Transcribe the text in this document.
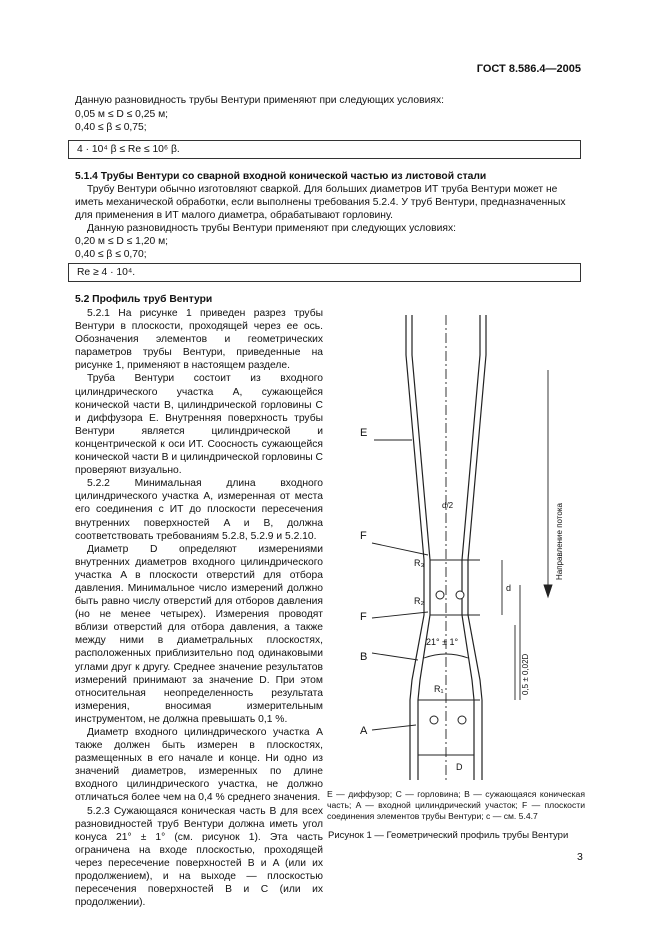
ГОСТ 8.586.4—2005
Данную разновидность трубы Вентури применяют при следующих условиях:
0,05 м ≤ D ≤ 0,25 м;
0,40 ≤ β ≤ 0,75;
4 · 10⁴ β ≤ Re ≤ 10⁶ β.
5.1.4 Трубы Вентури со сварной входной конической частью из листовой стали
Трубу Вентури обычно изготовляют сваркой. Для больших диаметров ИТ труба Вентури может не
иметь механической обработки, если выполнены требования 5.2.4. У труб Вентури, предназначенных
для применения в ИТ малого диаметра, обрабатывают горловину.
Данную разновидность трубы Вентури применяют при следующих условиях:
0,20 м ≤ D ≤ 1,20 м;
0,40 ≤ β ≤ 0,70;
Re ≥ 4 · 10⁴.
5.2 Профиль труб Вентури

5.2.1 На рисунке 1 приведен разрез трубы Вентури в плоскости, проходящей через ее ось. Обозначения элементов и геометрических параметров трубы Вентури, приведенные на рисунке 1, применяют в настоящем разделе.

Труба Вентури состоит из входного цилиндрического участка A, сужающейся конической части B, цилиндрической горловины C и диффузора E. Внутренняя поверхность трубы Вентури является цилиндрической и концентрической к оси ИТ. Соосность сужающейся конической части B и цилиндрической горловины C проверяют визуально.

5.2.2 Минимальная длина входного цилиндрического участка A, измеренная от места его соединения с ИТ до плоскости пересечения внутренних поверхностей A и B, должна соответствовать требованиям 5.2.8, 5.2.9 и 5.2.10.

Диаметр D определяют измерениями внутренних диаметров входного цилиндрического участка A в плоскости отверстий для отбора давления. Минимальное число измерений должно быть равно числу отверстий для отборов давления (но не менее четырех). Измерения проводят вблизи отверстий для отбора давления, а также между ними в диаметральных плоскостях, расположенных приблизительно под одинаковыми углами друг к другу. Среднее значение результатов измерений принимают за значение D. При этом относительная неопределенность результата измерения, вносимая измерительным инструментом, не должна превышать 0,1 %.

Диаметр входного цилиндрического участка A также должен быть измерен в плоскостях, размещенных в его начале и конце. Ни одно из значений диаметров, измеренных по длине входного цилиндрического участка, не должно отличаться более чем на 0,4 % среднего значения.

5.2.3 Сужающаяся коническая часть B для всех разновидностей труб Вентури должна иметь угол конуса 21° ± 1° (см. рисунок 1). Эта часть ограничена на входе плоскостью, проходящей через пересечение поверхностей B и A (или их продолжением), и на выходе — плоскостью пересечения поверхностей B и C (или их продолжении).

E
F
F
B
A
R₁
R₂
R₃
D
d
21° ± 1°
d/2
0,5 ± 0,02D
Направление потока
E — диффузор; C — горловина; B — сужающаяся коническая часть; A — входной цилиндрический участок; F — плоскости соединения элементов трубы Вентури; c — см. 5.4.7
Рисунок 1 — Геометрический профиль трубы Вентури
3
